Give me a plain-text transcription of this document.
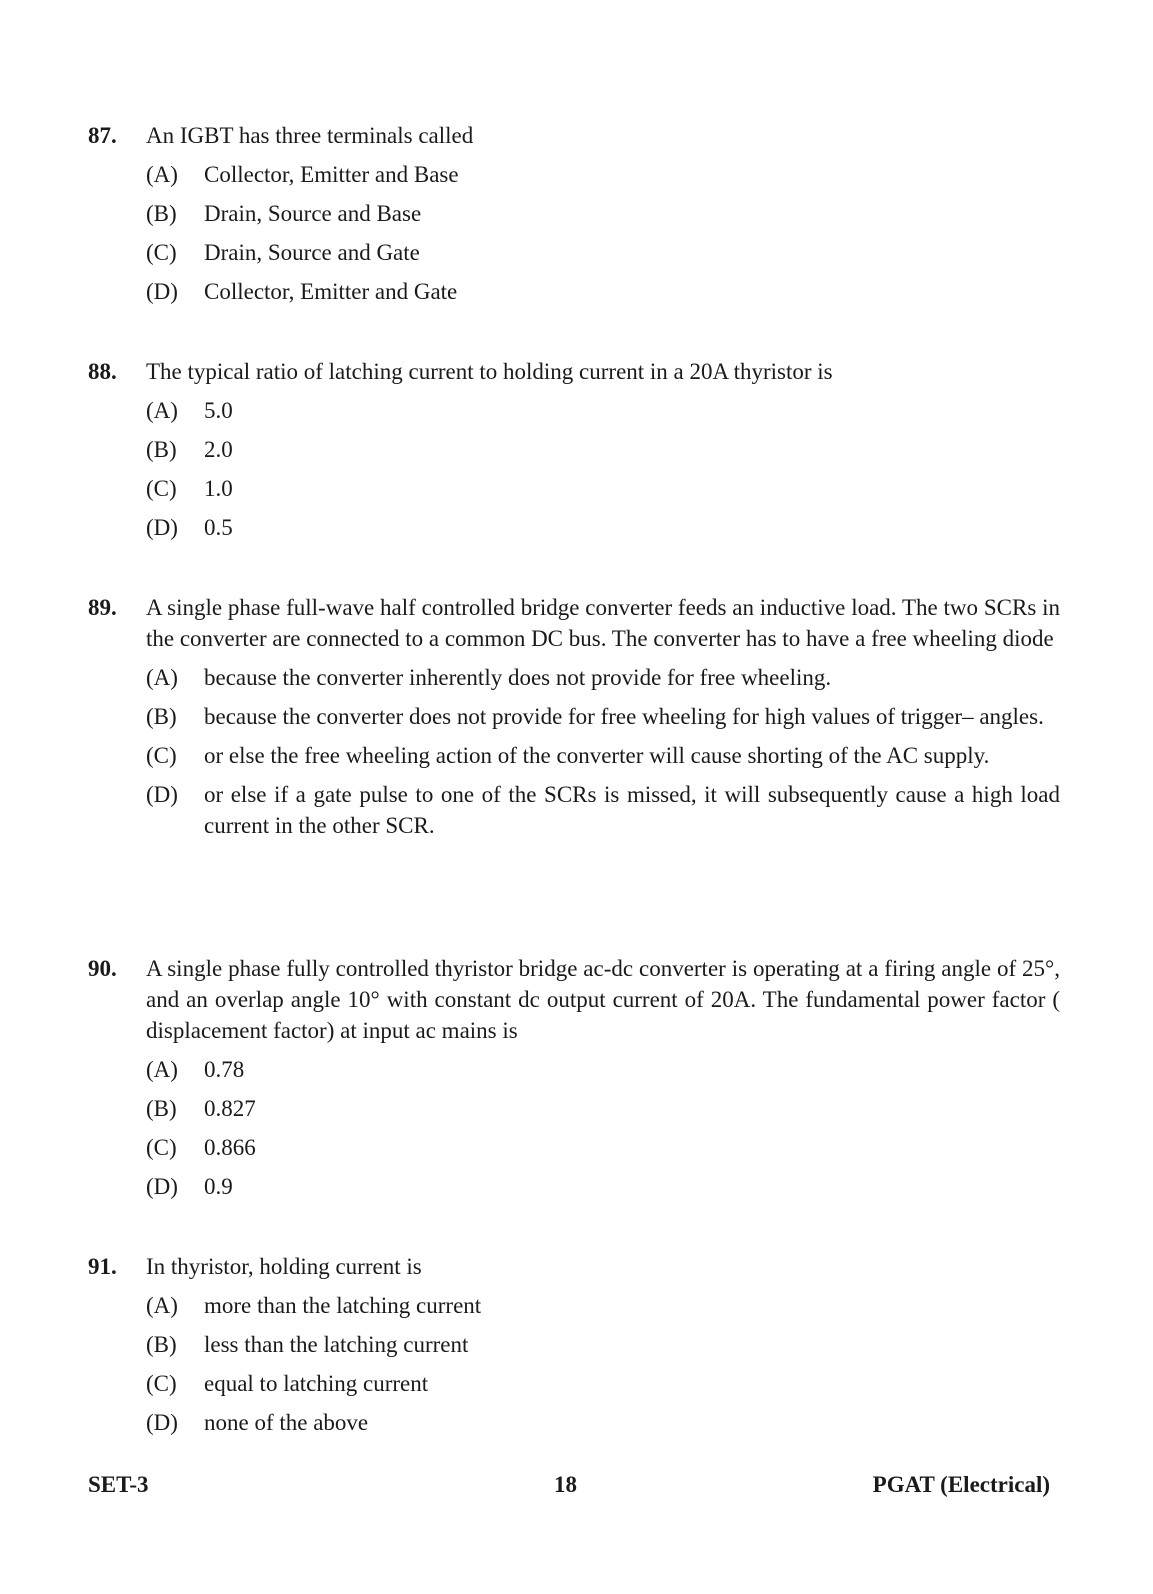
87. An IGBT has three terminals called
(A) Collector, Emitter and Base
(B) Drain, Source and Base
(C) Drain, Source and Gate
(D) Collector, Emitter and Gate
88. The typical ratio of latching current to holding current in a 20A thyristor is
(A) 5.0
(B) 2.0
(C) 1.0
(D) 0.5
89. A single phase full-wave half controlled bridge converter feeds an inductive load. The two SCRs in the converter are connected to a common DC bus. The converter has to have a free wheeling diode
(A) because the converter inherently does not provide for free wheeling.
(B) because the converter does not provide for free wheeling for high values of trigger– angles.
(C) or else the free wheeling action of the converter will cause shorting of the AC supply.
(D) or else if a gate pulse to one of the SCRs is missed, it will subsequently cause a high load current in the other SCR.
90. A single phase fully controlled thyristor bridge ac-dc converter is operating at a firing angle of 25°, and an overlap angle 10° with constant dc output current of 20A. The fundamental power factor ( displacement factor) at input ac mains is
(A) 0.78
(B) 0.827
(C) 0.866
(D) 0.9
91. In thyristor, holding current is
(A) more than the latching current
(B) less than the latching current
(C) equal to latching current
(D) none of the above
SET-3	18	PGAT (Electrical)
